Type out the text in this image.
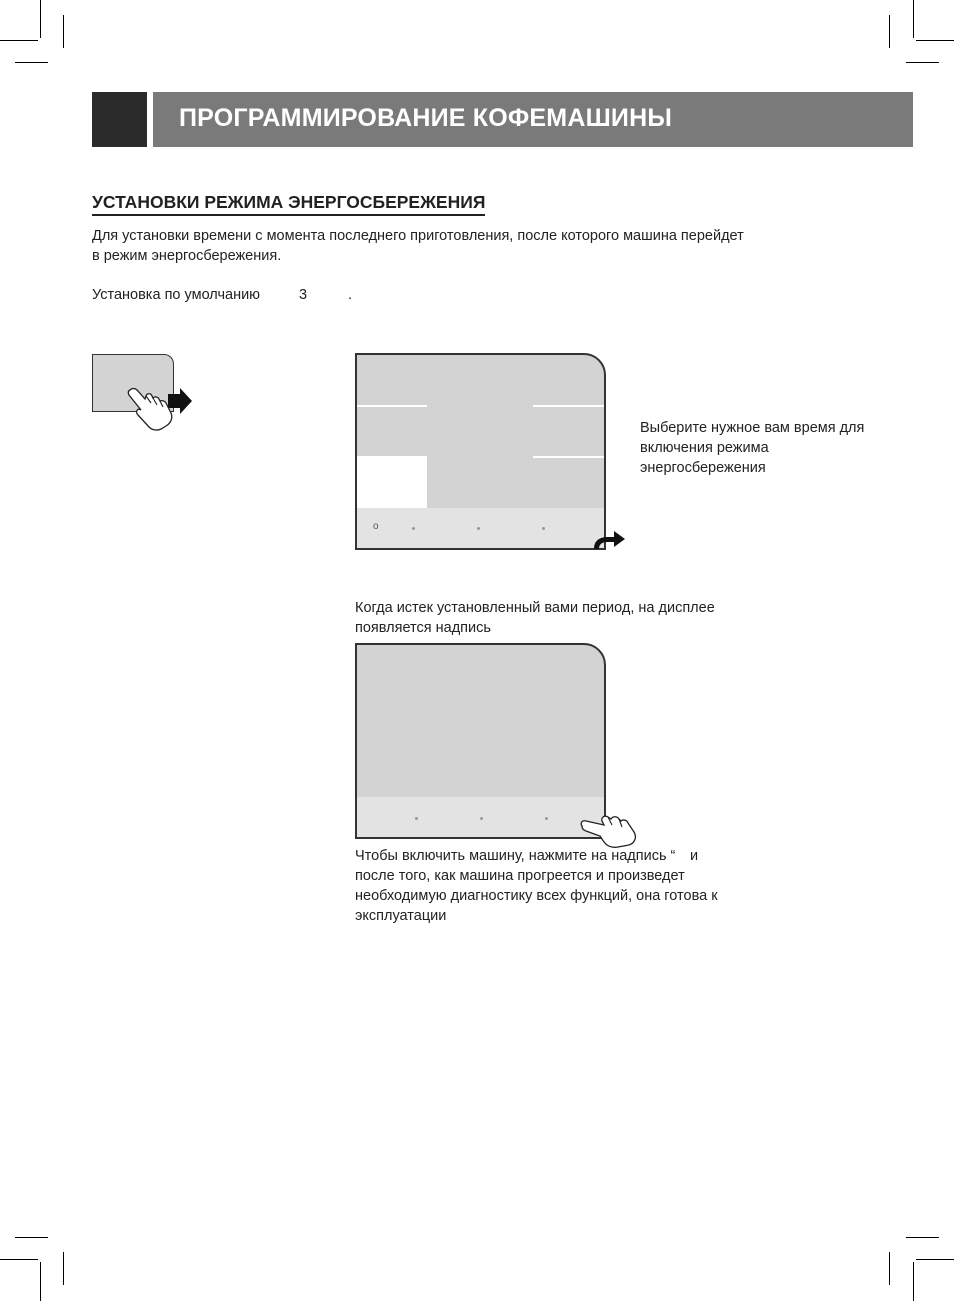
ПРОГРАММИРОВАНИЕ КОФЕМАШИНЫ
УСТАНОВКИ РЕЖИМА ЭНЕРГОСБЕРЕЖЕНИЯ
Для установки времени с момента последнего приготовления, после которого машина перейдет
в режим энергосбережения.
Установка по умолчанию	3	.
o
Выберите нужное вам время для
включения режима
энергосбережения
Когда истек установленный вами период, на дисплее
появляется надпись
Чтобы включить машину, нажмите на надпись “ и
после того, как машина прогреется и произведет
необходимую диагностику всех функций, она готова к
эксплуатации
